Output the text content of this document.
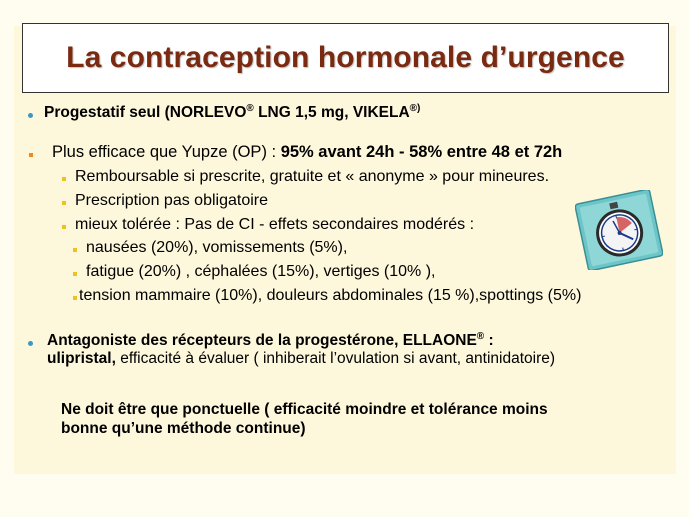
La contraception hormonale d’urgence
Progestatif seul (NORLEVO® LNG 1,5 mg, VIKELA®)
Plus efficace que Yupze (OP) : 95% avant 24h - 58% entre 48 et 72h
Remboursable si prescrite, gratuite et « anonyme » pour mineures.
Prescription pas obligatoire
mieux tolérée : Pas de CI - effets secondaires modérés :
nausées (20%), vomissements (5%),
fatigue (20%) , céphalées (15%), vertiges (10% ),
tension mammaire (10%), douleurs abdominales (15 %),spottings (5%)
Antagoniste des récepteurs de la progestérone, ELLAONE® :
ulipristal, efficacité à évaluer ( inhiberait l’ovulation si avant, antinidatoire)
Ne doit être que ponctuelle ( efficacité moindre et tolérance moins
bonne qu’une méthode continue)
